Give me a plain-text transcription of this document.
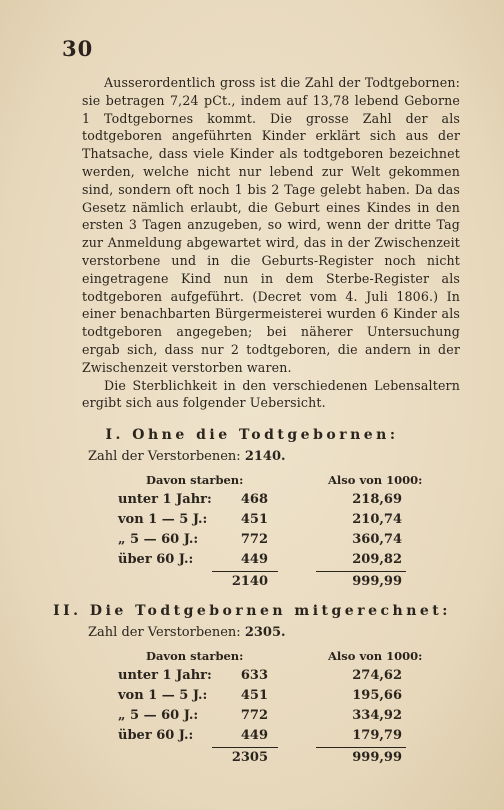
30

Ausserordentlich gross ist die Zahl der Todtgebornen: sie betragen 7,24 pCt., indem auf 13,78 lebend Geborne 1 Todtgebornes kommt. Die grosse Zahl der als todtgeboren angeführten Kinder erklärt sich aus der Thatsache, dass viele Kinder als todtgeboren bezeichnet werden, welche nicht nur lebend zur Welt gekommen sind, sondern oft noch 1 bis 2 Tage gelebt haben. Da das Gesetz nämlich erlaubt, die Geburt eines Kindes in den ersten 3 Tagen anzugeben, so wird, wenn der dritte Tag zur Anmeldung abgewartet wird, das in der Zwischenzeit verstorbene und in die Geburts-Register noch nicht eingetragene Kind nun in dem Sterbe-Register als todtgeboren aufgeführt. (Decret vom 4. Juli 1806.) In einer benachbarten Bürgermeisterei wurden 6 Kinder als todtgeboren angegeben; bei näherer Untersuchung ergab sich, dass nur 2 todtgeboren, die andern in der Zwischenzeit verstorben waren.

Die Sterblichkeit in den verschiedenen Lebensaltern ergibt sich aus folgender Uebersicht.

I. Ohne die Todtgebornen:
Zahl der Verstorbenen: 2140.
Davon starben:	Also von 1000:
unter 1 Jahr:	468	218,69
von 1 — 5 J.:	451	210,74
„ 5 — 60 J.:	772	360,74
über 60 J.:	449	209,82
2140	999,99
II. Die Todtgebornen mitgerechnet:
Zahl der Verstorbenen: 2305.
Davon starben:	Also von 1000:
unter 1 Jahr:	633	274,62
von 1 — 5 J.:	451	195,66
„ 5 — 60 J.:	772	334,92
über 60 J.:	449	179,79
2305	999,99
